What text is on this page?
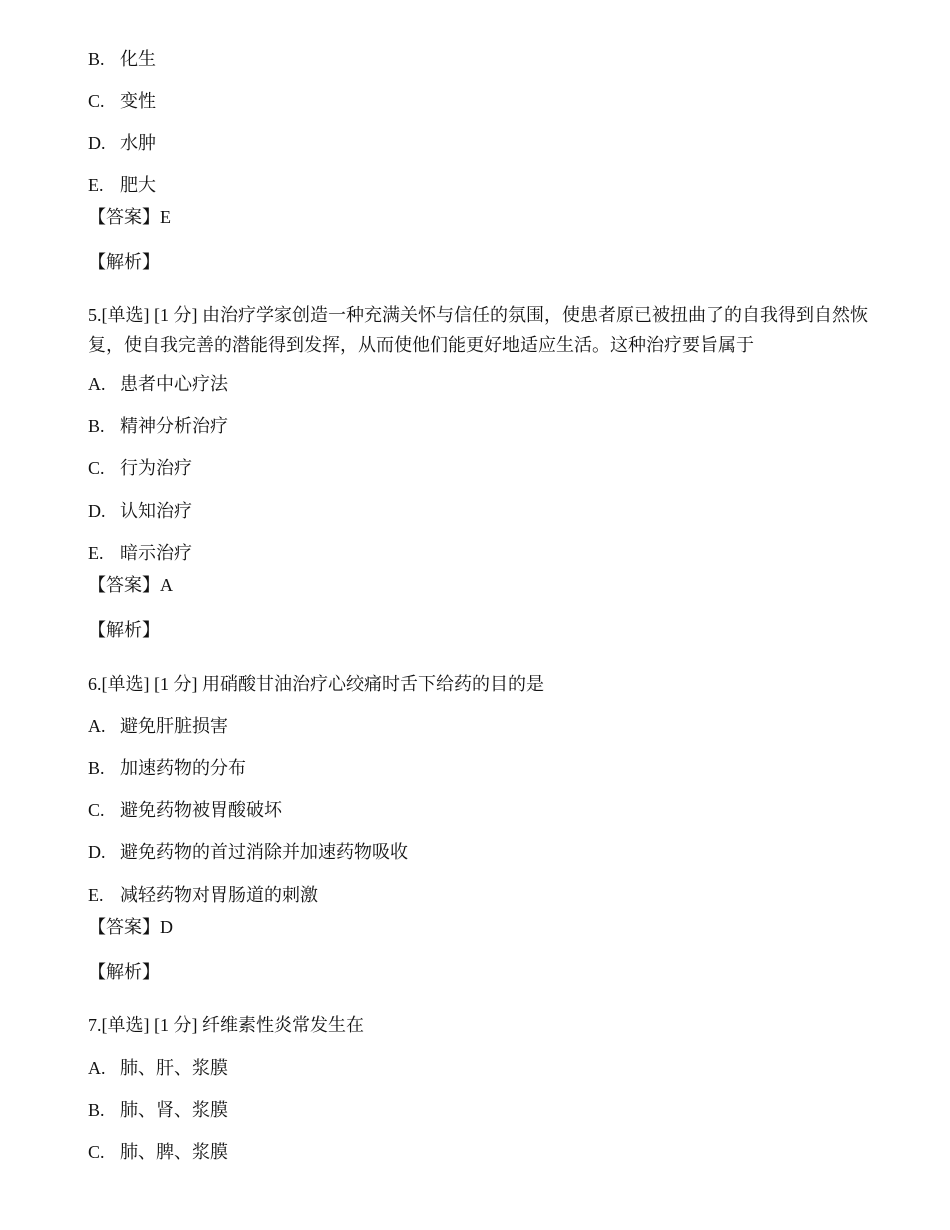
B. 化生
C. 变性
D. 水肿
E. 肥大
【答案】E
【解析】
5.[单选] [1 分] 由治疗学家创造一种充满关怀与信任的氛围，使患者原已被扭曲了的自我得到自然恢复，使自我完善的潜能得到发挥，从而使他们能更好地适应生活。这种治疗要旨属于
A. 患者中心疗法
B. 精神分析治疗
C. 行为治疗
D. 认知治疗
E. 暗示治疗
【答案】A
【解析】
6.[单选] [1 分] 用硝酸甘油治疗心绞痛时舌下给药的目的是
A. 避免肝脏损害
B. 加速药物的分布
C. 避免药物被胃酸破坏
D. 避免药物的首过消除并加速药物吸收
E. 减轻药物对胃肠道的刺激
【答案】D
【解析】
7.[单选] [1 分] 纤维素性炎常发生在
A. 肺、肝、浆膜
B. 肺、肾、浆膜
C. 肺、脾、浆膜
